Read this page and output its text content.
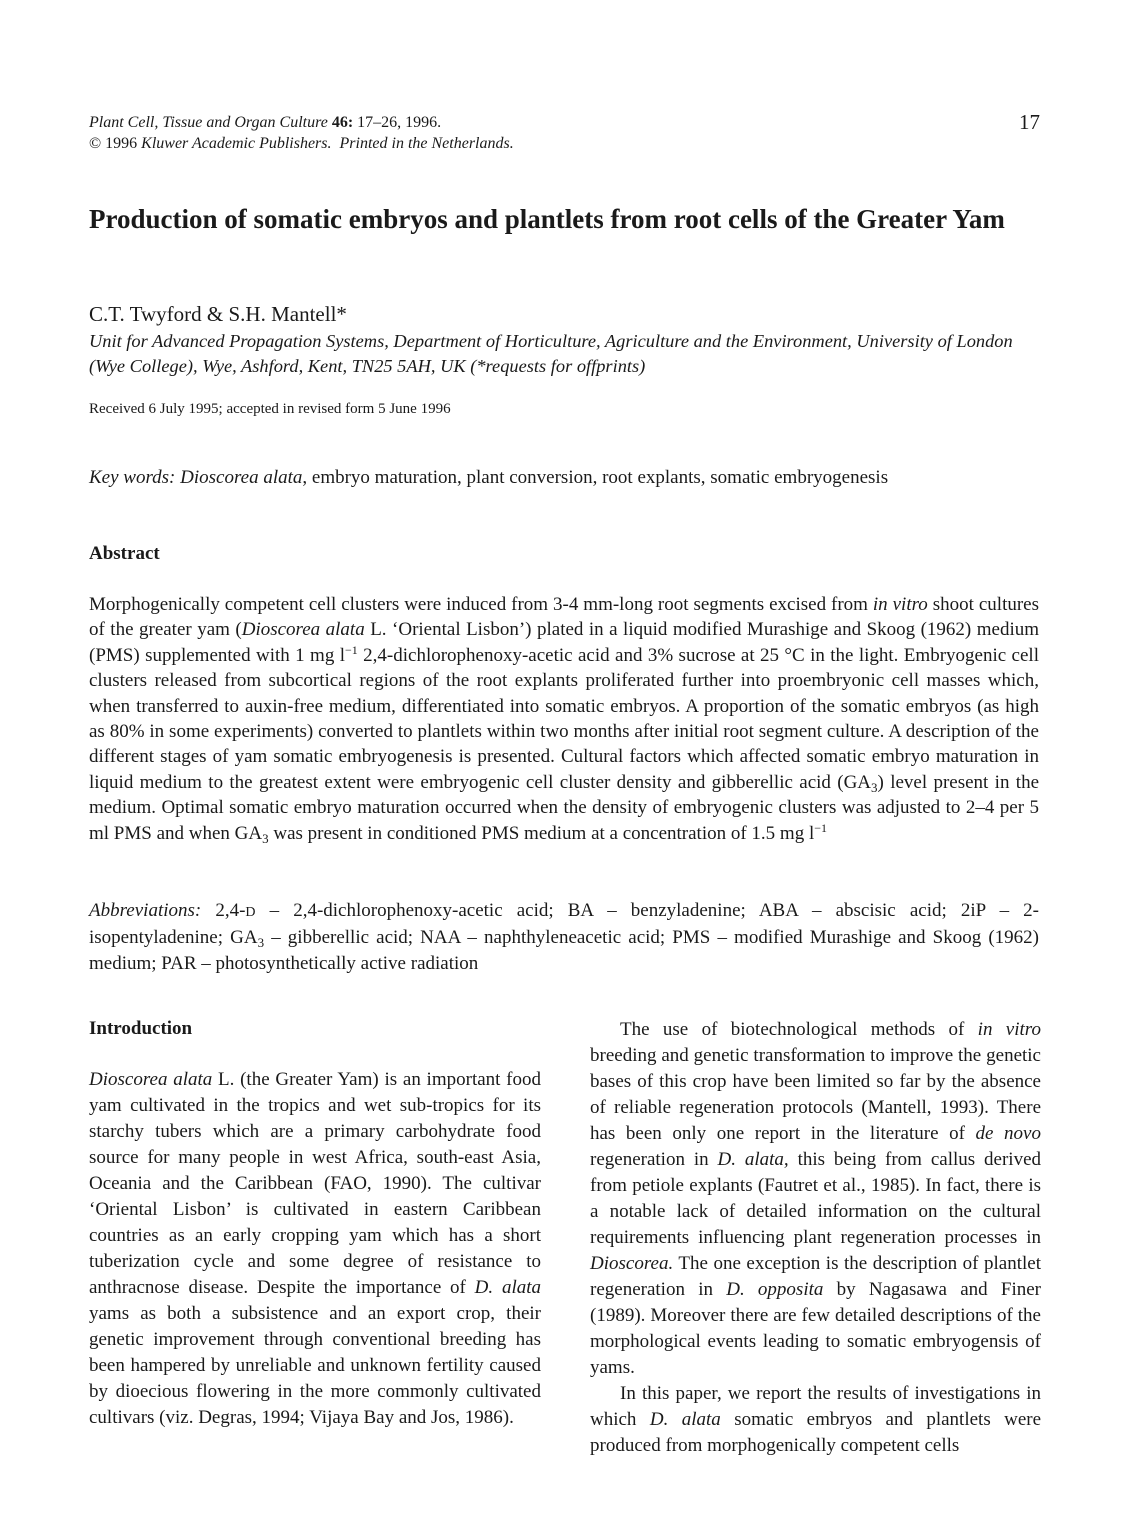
Plant Cell, Tissue and Organ Culture 46: 17–26, 1996.
© 1996 Kluwer Academic Publishers. Printed in the Netherlands.
17
Production of somatic embryos and plantlets from root cells of the Greater Yam
C.T. Twyford & S.H. Mantell*
Unit for Advanced Propagation Systems, Department of Horticulture, Agriculture and the Environment, University of London (Wye College), Wye, Ashford, Kent, TN25 5AH, UK (*requests for offprints)
Received 6 July 1995; accepted in revised form 5 June 1996
Key words: Dioscorea alata, embryo maturation, plant conversion, root explants, somatic embryogenesis
Abstract
Morphogenically competent cell clusters were induced from 3-4 mm-long root segments excised from in vitro shoot cultures of the greater yam (Dioscorea alata L. ‘Oriental Lisbon’) plated in a liquid modified Murashige and Skoog (1962) medium (PMS) supplemented with 1 mg $l^{-1}$ 2,4-dichlorophenoxy-acetic acid and 3% sucrose at 25 °C in the light. Embryogenic cell clusters released from subcortical regions of the root explants proliferated further into proembryonic cell masses which, when transferred to auxin-free medium, differentiated into somatic embryos. A proportion of the somatic embryos (as high as 80% in some experiments) converted to plantlets within two months after initial root segment culture. A description of the different stages of yam somatic embryogenesis is presented. Cultural factors which affected somatic embryo maturation in liquid medium to the greatest extent were embryogenic cell cluster density and gibberellic acid $(GA_3)$ level present in the medium. Optimal somatic embryo maturation occurred when the density of embryogenic clusters was adjusted to 2–4 per 5 ml PMS and when $GA_3$ was present in conditioned PMS medium at a concentration of 1.5 mg $l^{-1}$
Abbreviations: 2,4-D – 2,4-dichlorophenoxy-acetic acid; BA – benzyladenine; ABA – abscisic acid; 2iP – 2-isopentyladenine; $GA_3$ – gibberellic acid; NAA – naphthyleneacetic acid; PMS – modified Murashige and Skoog (1962) medium; PAR – photosynthetically active radiation
Introduction

Dioscorea alata L. (the Greater Yam) is an important food yam cultivated in the tropics and wet sub-tropics for its starchy tubers which are a primary carbohydrate food source for many people in west Africa, south-east Asia, Oceania and the Caribbean (FAO, 1990). The cultivar ‘Oriental Lisbon’ is cultivated in eastern Caribbean countries as an early cropping yam which has a short tuberization cycle and some degree of resistance to anthracnose disease. Despite the importance of D. alata yams as both a subsistence and an export crop, their genetic improvement through conventional breeding has been hampered by unreliable and unknown fertility caused by dioecious flowering in the more commonly cultivated cultivars (viz. Degras, 1994; Vijaya Bay and Jos, 1986).

The use of biotechnological methods of in vitro breeding and genetic transformation to improve the genetic bases of this crop have been limited so far by the absence of reliable regeneration protocols (Mantell, 1993). There has been only one report in the literature of de novo regeneration in D. alata, this being from callus derived from petiole explants (Fautret et al., 1985). In fact, there is a notable lack of detailed information on the cultural requirements influencing plant regeneration processes in Dioscorea. The one exception is the description of plantlet regeneration in D. opposita by Nagasawa and Finer (1989). Moreover there are few detailed descriptions of the morphological events leading to somatic embryogensis of yams.

In this paper, we report the results of investigations in which D. alata somatic embryos and plantlets were produced from morphogenically competent cells
